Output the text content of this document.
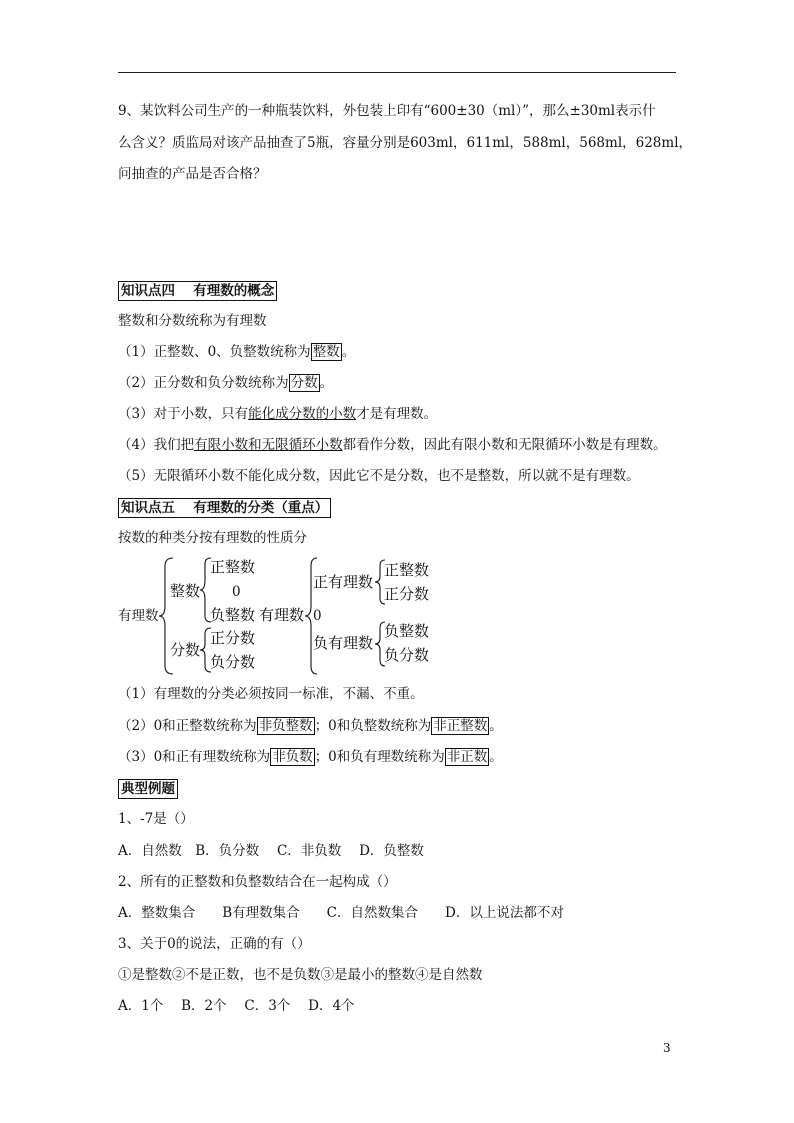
9、某饮料公司生产的一种瓶装饮料，外包装上印有“600±30（ml）”，那么±30ml表示什
么含义？质监局对该产品抽查了5瓶，容量分别是603ml，611ml，588ml，568ml，628ml，
问抽查的产品是否合格？
知识点四　 有理数的概念
整数和分数统称为有理数
（1）正整数、0、负整数统称为 整数 。
（2）正分数和负分数统称为 分数 。
（3）对于小数，只有能化成分数的小数才是有理数。
（4）我们把有限小数和无限循环小数都看作分数，因此有限小数和无限循环小数是有理数。
（5）无限循环小数不能化成分数，因此它不是分数，也不是整数，所以就不是有理数。
知识点五　 有理数的分类（重点）
按数的种类分按有理数的性质分
有理数
整数
正整数
0
负整数
分数
正分数
负分数
有理数
正有理数
正整数
正分数
0
负有理数
负整数
负分数
（1）有理数的分类必须按同一标准，不漏、不重。
（2）0和正整数统称为 非负整数 ；0和负整数统称为 非正整数 。
（3）0和正有理数统称为 非负数 ；0和负有理数统称为 非正数 。
典型例题
1、-7是（）
A．自然数　B．负分数　 C．非负数　 D．负整数
2、所有的正整数和负整数结合在一起构成（）
A．整数集合　　B有理数集合　　C．自然数集合　　D．以上说法都不对
3、关于0的说法，正确的有（）
①是整数②不是正数，也不是负数③是最小的整数④是自然数
A．1个　 B．2个　 C．3个　 D．4个
3
